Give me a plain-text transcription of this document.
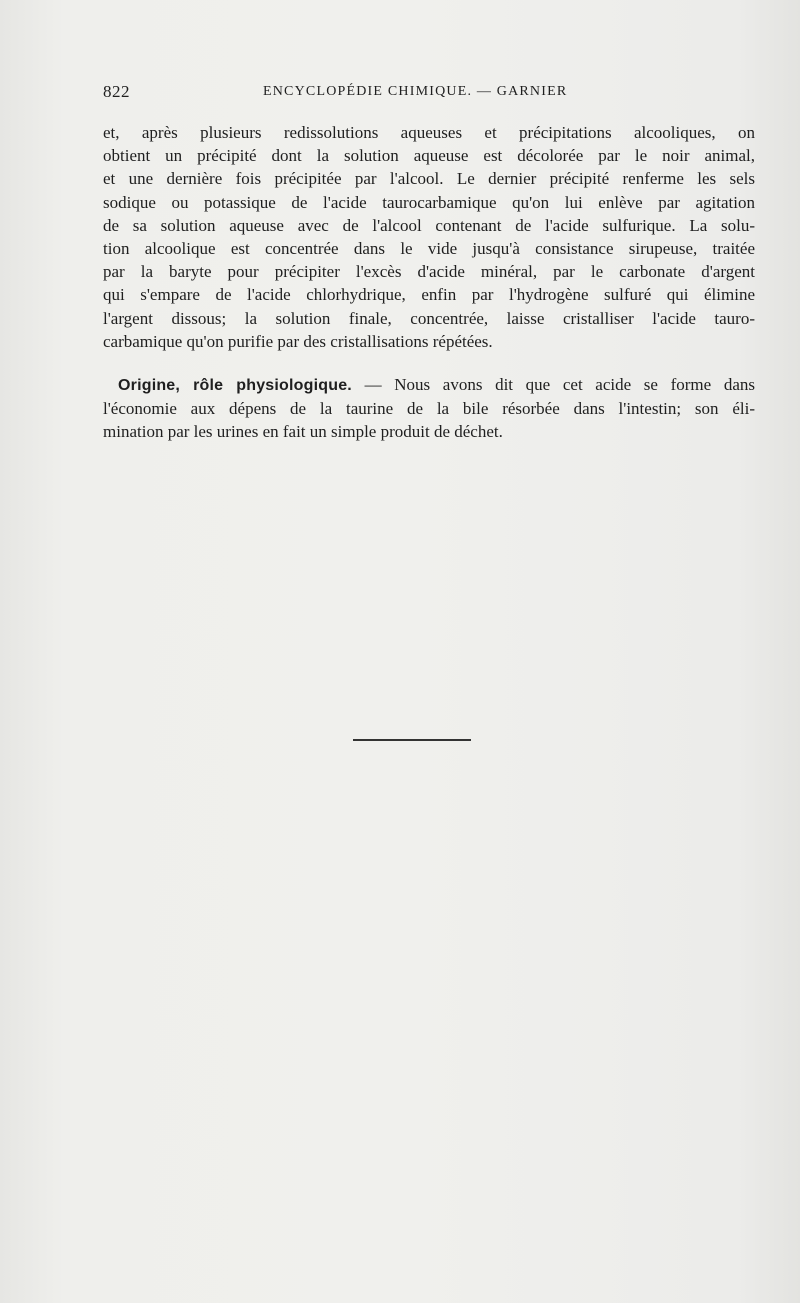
822	ENCYCLOPÉDIE CHIMIQUE. — GARNIER
et, après plusieurs redissolutions aqueuses et précipitations alcooliques, on
obtient un précipité dont la solution aqueuse est décolorée par le noir animal,
et une dernière fois précipitée par l'alcool. Le dernier précipité renferme les sels
sodique ou potassique de l'acide taurocarbamique qu'on lui enlève par agitation
de sa solution aqueuse avec de l'alcool contenant de l'acide sulfurique. La solu-
tion alcoolique est concentrée dans le vide jusqu'à consistance sirupeuse, traitée
par la baryte pour précipiter l'excès d'acide minéral, par le carbonate d'argent
qui s'empare de l'acide chlorhydrique, enfin par l'hydrogène sulfuré qui élimine
l'argent dissous; la solution finale, concentrée, laisse cristalliser l'acide tauro-
carbamique qu'on purifie par des cristallisations répétées.
Origine, rôle physiologique. — Nous avons dit que cet acide se forme dans
l'économie aux dépens de la taurine de la bile résorbée dans l'intestin; son éli-
mination par les urines en fait un simple produit de déchet.
